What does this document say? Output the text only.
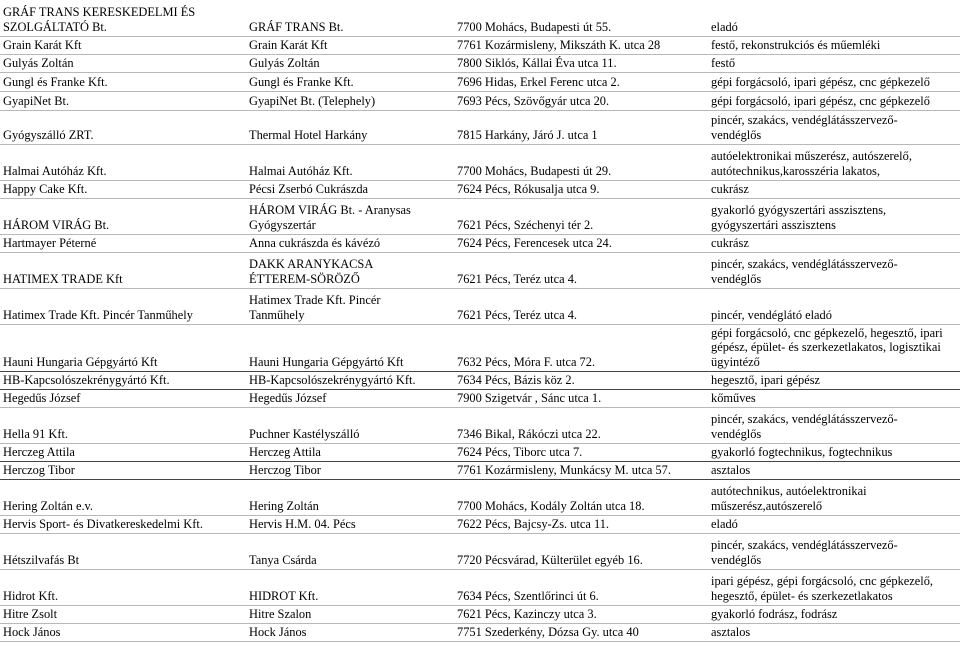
GRÁF TRANS KERESKEDELMI ÉS SZOLGÁLTATÓ Bt.	GRÁF TRANS Bt.	7700 Mohács, Budapesti út 55.	eladó
Grain Karát Kft	Grain Karát Kft	7761 Kozármisleny, Mikszáth K. utca 28	festő, rekonstrukciós és műemléki
Gulyás Zoltán	Gulyás Zoltán	7800 Siklós, Kállai Éva utca 11.	festő
Gungl és Franke Kft.	Gungl és Franke Kft.	7696 Hidas, Erkel Ferenc utca 2.	gépi forgácsoló, ipari gépész, cnc gépkezelő
GyapiNet Bt.	GyapiNet Bt. (Telephely)	7693 Pécs, Szövőgyár utca 20.	gépi forgácsoló, ipari gépész, cnc gépkezelő
Gyógyszálló ZRT.	Thermal Hotel Harkány	7815 Harkány, Járó J. utca 1	pincér, szakács, vendéglátásszervező-vendéglős

Halmai Autóház Kft.	Halmai Autóház Kft.	7700 Mohács, Budapesti út 29.	autóelektronikai műszerész, autószerelő, autótechnikus,karosszéria lakatos,

Happy Cake Kft.	Pécsi Zserbó Cukrászda	7624 Pécs, Rókusalja utca 9.	cukrász
HÁROM VIRÁG Bt.	HÁROM VIRÁG Bt. - Aranysas Gyógyszertár	7621 Pécs, Széchenyi tér 2.	gyakorló gyógyszertári asszisztens, gyógyszertári asszisztens

Hartmayer Péterné	Anna cukrászda és kávézó	7624 Pécs, Ferencesek utca 24.	cukrász
HATIMEX TRADE Kft	DAKK ARANYKACSA ÉTTEREM-SÖRÖZŐ	7621 Pécs, Teréz utca 4.	pincér, szakács, vendéglátásszervező-vendéglős

Hatimex Trade Kft. Pincér Tanműhely	Hatimex Trade Kft. Pincér Tanműhely	7621 Pécs, Teréz utca 4.	pincér, vendéglátó eladó
Hauni Hungaria Gépgyártó Kft	Hauni Hungaria Gépgyártó Kft	7632 Pécs, Móra F. utca 72.	gépi forgácsoló, cnc gépkezelő, hegesztő, ipari gépész, épület- és szerkezetlakatos, logisztikai ügyintéző

HB-Kapcsolószekrénygyártó Kft.	HB-Kapcsolószekrénygyártó Kft.	7634 Pécs, Bázis köz 2.	hegesztő, ipari gépész
Hegedűs József	Hegedűs József	7900 Szigetvár , Sánc utca 1.	kőműves
Hella 91 Kft.	Puchner Kastélyszálló	7346 Bikal, Rákóczi utca 22.	pincér, szakács, vendéglátásszervező-vendéglős

Herczeg Attila	Herczeg Attila	7624 Pécs, Tiborc utca 7.	gyakorló fogtechnikus, fogtechnikus
Herczog Tibor	Herczog Tibor	7761 Kozármisleny, Munkácsy M. utca 57.	asztalos
Hering Zoltán e.v.	Hering Zoltán	7700 Mohács, Kodály Zoltán utca 18.	autótechnikus, autóelektronikai műszerész,autószerelő

Hervis Sport- és Divatkereskedelmi Kft.	Hervis H.M. 04. Pécs	7622 Pécs, Bajcsy-Zs. utca 11.	eladó
Hétszilvafás Bt	Tanya Csárda	7720 Pécsvárad, Külterület egyéb 16.	pincér, szakács, vendéglátásszervező-vendéglős

Hidrot Kft.	HIDROT Kft.	7634 Pécs, Szentlőrinci út 6.	ipari gépész, gépi forgácsoló, cnc gépkezelő, hegesztő, épület- és szerkezetlakatos

Hitre Zsolt	Hitre Szalon	7621 Pécs, Kazinczy utca 3.	gyakorló fodrász, fodrász
Hock János	Hock János	7751 Szederkény, Dózsa Gy. utca 40	asztalos
